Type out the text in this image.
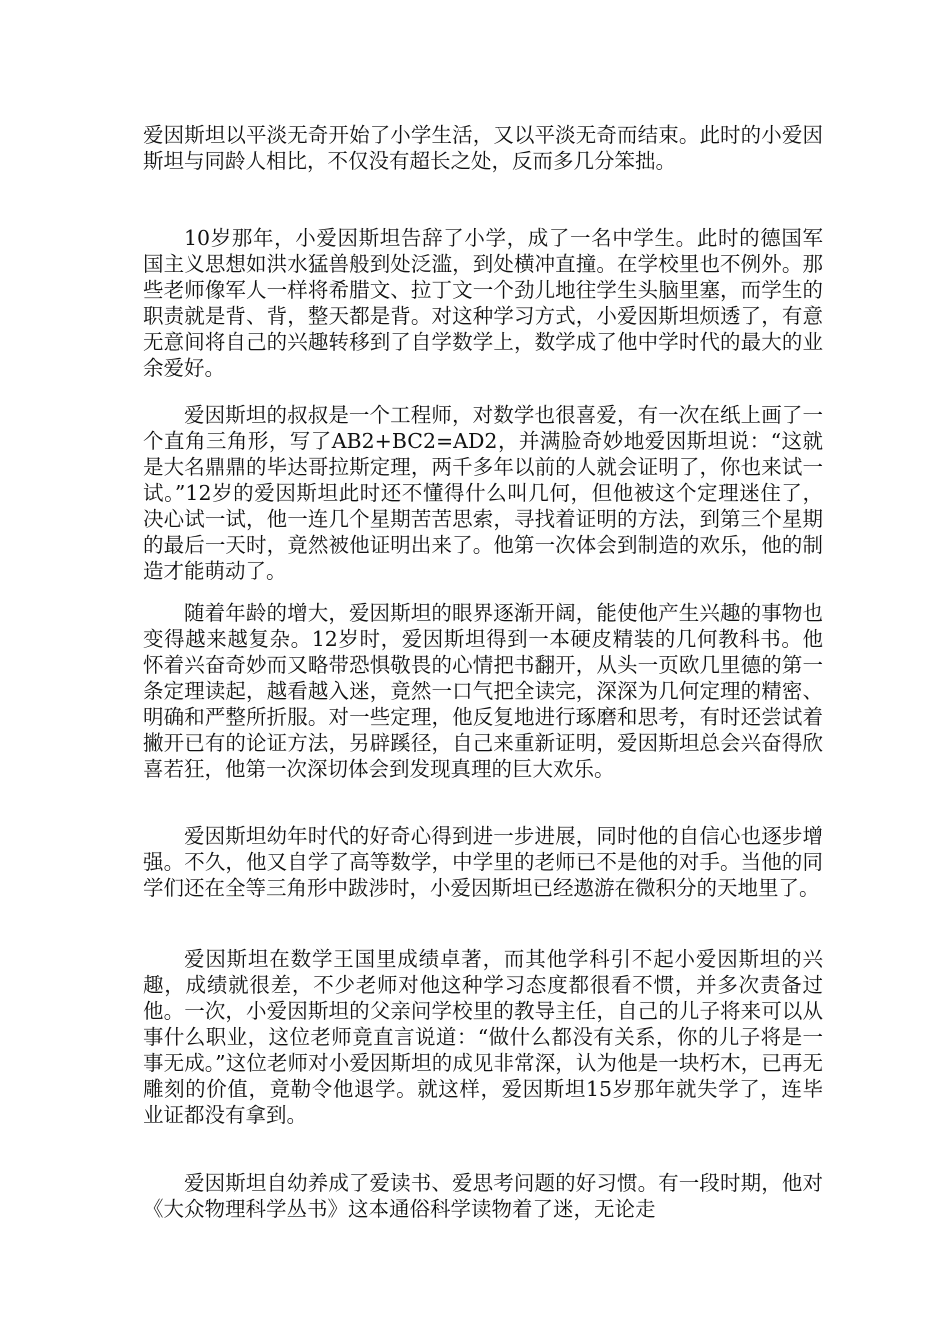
爱因斯坦以平淡无奇开始了小学生活，又以平淡无奇而结束。此时的小爱因斯坦与同龄人相比，不仅没有超长之处，反而多几分笨拙。

10岁那年，小爱因斯坦告辞了小学，成了一名中学生。此时的德国军国主义思想如洪水猛兽般到处泛滥，到处横冲直撞。在学校里也不例外。那些老师像军人一样将希腊文、拉丁文一个劲儿地往学生头脑里塞，而学生的职责就是背、背，整天都是背。对这种学习方式，小爱因斯坦烦透了，有意无意间将自己的兴趣转移到了自学数学上，数学成了他中学时代的最大的业余爱好。

爱因斯坦的叔叔是一个工程师，对数学也很喜爱，有一次在纸上画了一个直角三角形，写了AB2+BC2=AD2，并满脸奇妙地爱因斯坦说：“这就是大名鼎鼎的毕达哥拉斯定理，两千多年以前的人就会证明了，你也来试一试。”12岁的爱因斯坦此时还不懂得什么叫几何，但他被这个定理迷住了，决心试一试，他一连几个星期苦苦思索，寻找着证明的方法，到第三个星期的最后一天时，竟然被他证明出来了。他第一次体会到制造的欢乐，他的制造才能萌动了。

随着年龄的增大，爱因斯坦的眼界逐渐开阔，能使他产生兴趣的事物也变得越来越复杂。12岁时，爱因斯坦得到一本硬皮精装的几何教科书。他怀着兴奋奇妙而又略带恐惧敬畏的心情把书翻开，从头一页欧几里德的第一条定理读起，越看越入迷，竟然一口气把全读完，深深为几何定理的精密、明确和严整所折服。对一些定理，他反复地进行琢磨和思考，有时还尝试着撇开已有的论证方法，另辟蹊径，自己来重新证明，爱因斯坦总会兴奋得欣喜若狂，他第一次深切体会到发现真理的巨大欢乐。

爱因斯坦幼年时代的好奇心得到进一步进展，同时他的自信心也逐步增强。不久，他又自学了高等数学，中学里的老师已不是他的对手。当他的同学们还在全等三角形中跋涉时，小爱因斯坦已经遨游在微积分的天地里了。

爱因斯坦在数学王国里成绩卓著，而其他学科引不起小爱因斯坦的兴趣，成绩就很差，不少老师对他这种学习态度都很看不惯，并多次责备过他。一次，小爱因斯坦的父亲问学校里的教导主任，自己的儿子将来可以从事什么职业，这位老师竟直言说道：“做什么都没有关系，你的儿子将是一事无成。”这位老师对小爱因斯坦的成见非常深，认为他是一块朽木，已再无雕刻的价值，竟勒令他退学。就这样，爱因斯坦15岁那年就失学了，连毕业证都没有拿到。

爱因斯坦自幼养成了爱读书、爱思考问题的好习惯。有一段时期，他对《大众物理科学丛书》这本通俗科学读物着了迷，无论走
